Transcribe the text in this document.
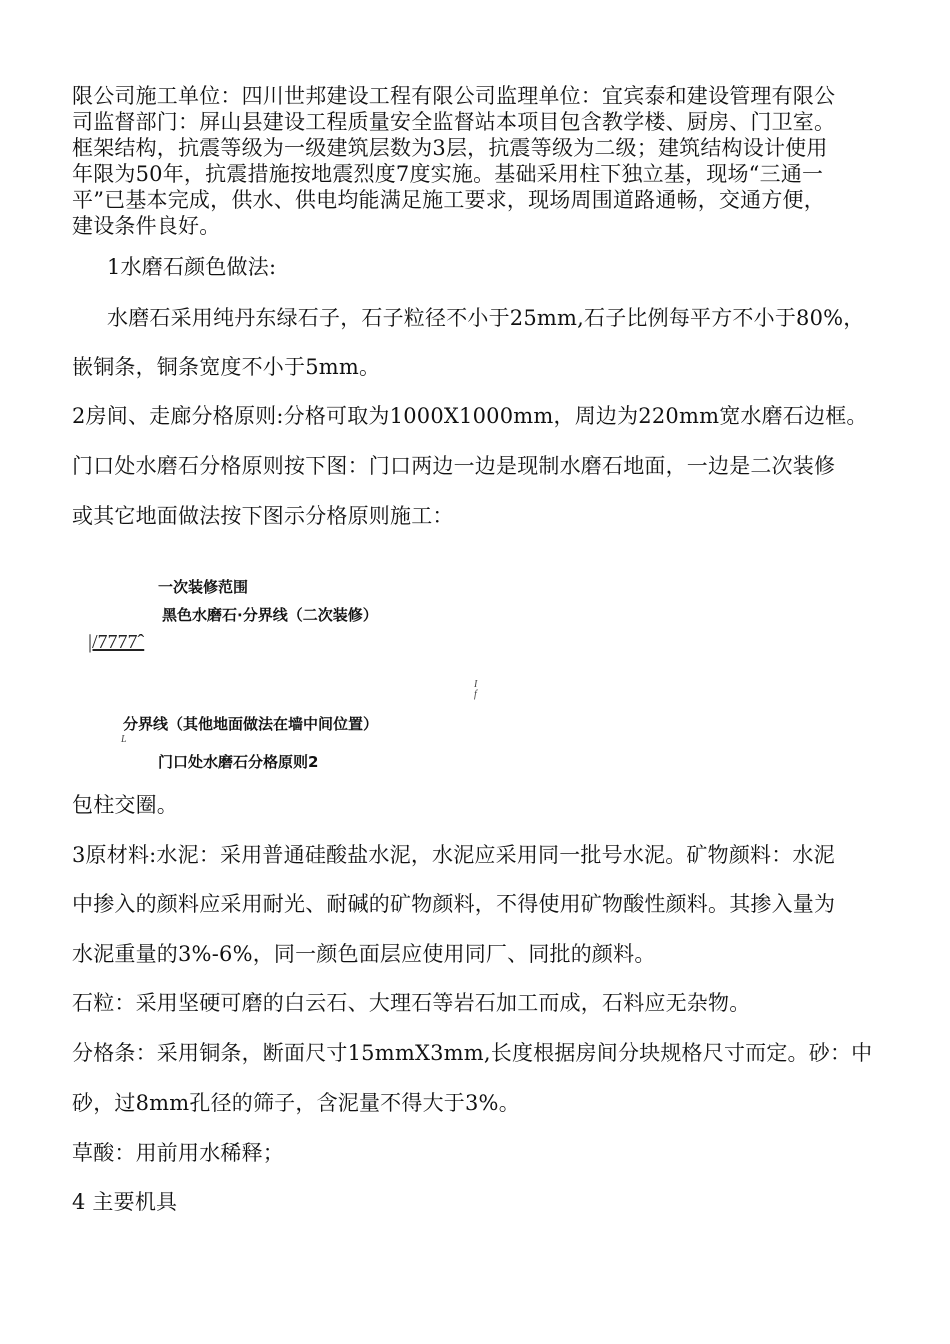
限公司施工单位：四川世邦建设工程有限公司监理单位：宜宾泰和建设管理有限公
司监督部门：屏山县建设工程质量安全监督站本项目包含教学楼、厨房、门卫室。
框架结构，抗震等级为一级建筑层数为3层，抗震等级为二级；建筑结构设计使用
年限为50年，抗震措施按地震烈度7度实施。基础采用柱下独立基，现场“三通一
平”已基本完成，供水、供电均能满足施工要求，现场周围道路通畅，交通方便，
建设条件良好。
1水磨石颜色做法:
水磨石采用纯丹东绿石子，石子粒径不小于25mm,石子比例每平方不小于80%，
嵌铜条，铜条宽度不小于5mm。
2房间、走廊分格原则:分格可取为1000X1000mm，周边为220mm宽水磨石边框。
门口处水磨石分格原则按下图：门口两边一边是现制水磨石地面，一边是二次装修
或其它地面做法按下图示分格原则施工：
一次装修范围
黑色水磨石∙分界线（二次装修）
|/7777ˆ
I f
分界线（其他地面做法在墙中间位置）
L
门口处水磨石分格原则2
包柱交圈。
3原材料:水泥：采用普通硅酸盐水泥，水泥应采用同一批号水泥。矿物颜料：水泥
中掺入的颜料应采用耐光、耐碱的矿物颜料，不得使用矿物酸性颜料。其掺入量为
水泥重量的3%-6%，同一颜色面层应使用同厂、同批的颜料。
石粒：采用坚硬可磨的白云石、大理石等岩石加工而成，石料应无杂物。
分格条：采用铜条，断面尺寸15mmX3mm,长度根据房间分块规格尺寸而定。砂：中
砂，过8mm孔径的筛子，含泥量不得大于3%。
草酸：用前用水稀释；
4 主要机具
